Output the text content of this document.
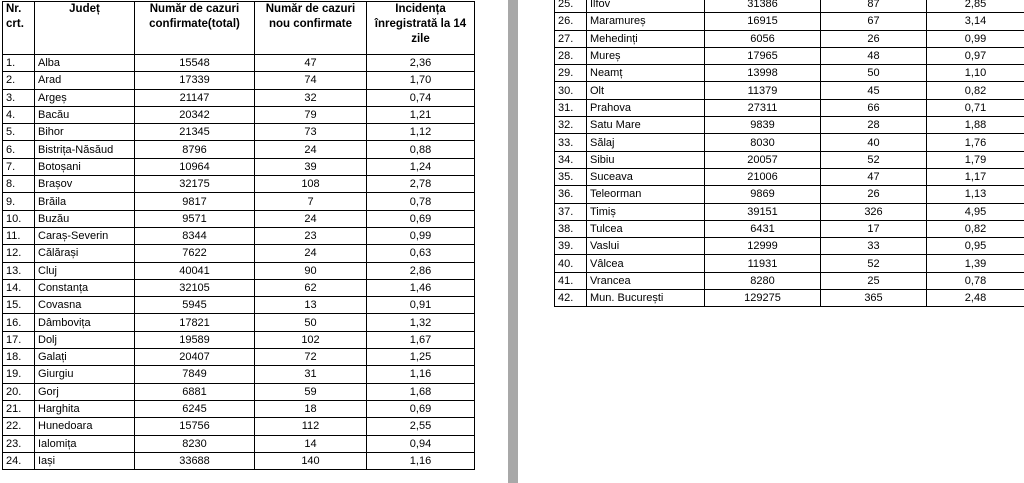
Nr. crt.	Județ	Număr de cazuri confirmate(total)	Număr de cazuri nou confirmate	Incidența înregistrată la 14 zile
1.	Alba	15548	47	2,36
2.	Arad	17339	74	1,70
3.	Argeș	21147	32	0,74
4.	Bacău	20342	79	1,21
5.	Bihor	21345	73	1,12
6.	Bistrița-Năsăud	8796	24	0,88
7.	Botoșani	10964	39	1,24
8.	Brașov	32175	108	2,78
9.	Brăila	9817	7	0,78
10.	Buzău	9571	24	0,69
11.	Caraș-Severin	8344	23	0,99
12.	Călărași	7622	24	0,63
13.	Cluj	40041	90	2,86
14.	Constanța	32105	62	1,46
15.	Covasna	5945	13	0,91
16.	Dâmbovița	17821	50	1,32
17.	Dolj	19589	102	1,67
18.	Galați	20407	72	1,25
19.	Giurgiu	7849	31	1,16
20.	Gorj	6881	59	1,68
21.	Harghita	6245	18	0,69
22.	Hunedoara	15756	112	2,55
23.	Ialomița	8230	14	0,94
24.	Iași	33688	140	1,16
25.	Ilfov	31386	87	2,85
26.	Maramureș	16915	67	3,14
27.	Mehedinți	6056	26	0,99
28.	Mureș	17965	48	0,97
29.	Neamț	13998	50	1,10
30.	Olt	11379	45	0,82
31.	Prahova	27311	66	0,71
32.	Satu Mare	9839	28	1,88
33.	Sălaj	8030	40	1,76
34.	Sibiu	20057	52	1,79
35.	Suceava	21006	47	1,17
36.	Teleorman	9869	26	1,13
37.	Timiș	39151	326	4,95
38.	Tulcea	6431	17	0,82
39.	Vaslui	12999	33	0,95
40.	Vâlcea	11931	52	1,39
41.	Vrancea	8280	25	0,78
42.	Mun. București	129275	365	2,48
